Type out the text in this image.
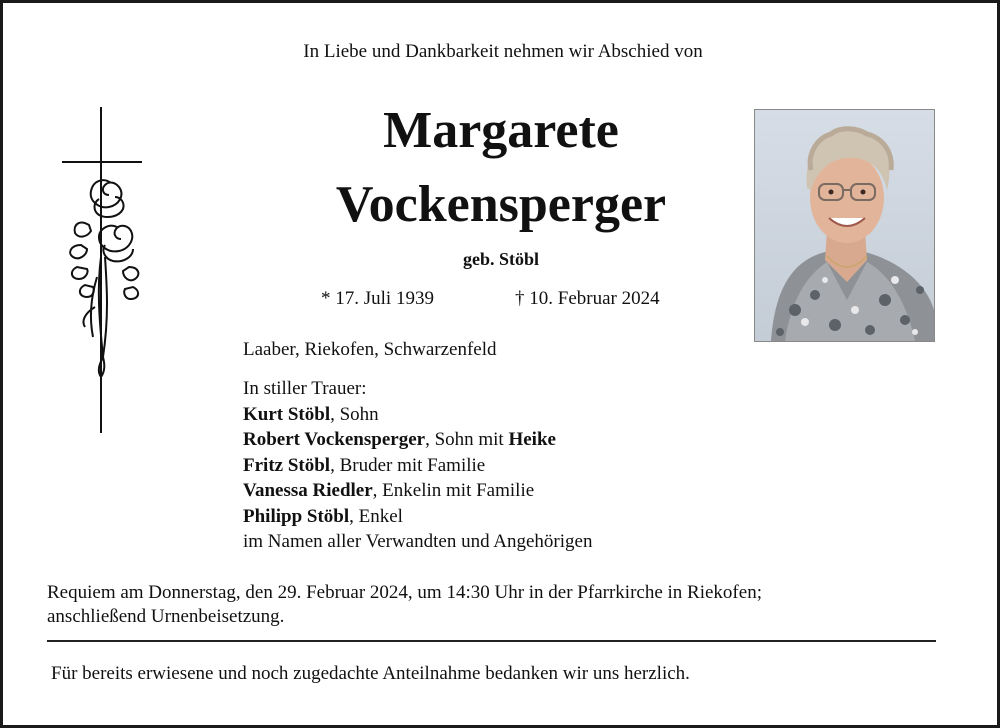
In Liebe und Dankbarkeit nehmen wir Abschied von
Margarete
Vockensperger
geb. Stöbl
* 17. Juli 1939	† 10. Februar 2024
Laaber, Riekofen, Schwarzenfeld
In stiller Trauer:
Kurt Stöbl, Sohn
Robert Vockensperger, Sohn mit Heike
Fritz Stöbl, Bruder mit Familie
Vanessa Riedler, Enkelin mit Familie
Philipp Stöbl, Enkel
im Namen aller Verwandten und Angehörigen
Requiem am Donnerstag, den 29. Februar 2024, um 14:30 Uhr in der Pfarrkirche in Riekofen;
anschließend Urnenbeisetzung.
Für bereits erwiesene und noch zugedachte Anteilnahme bedanken wir uns herzlich.
